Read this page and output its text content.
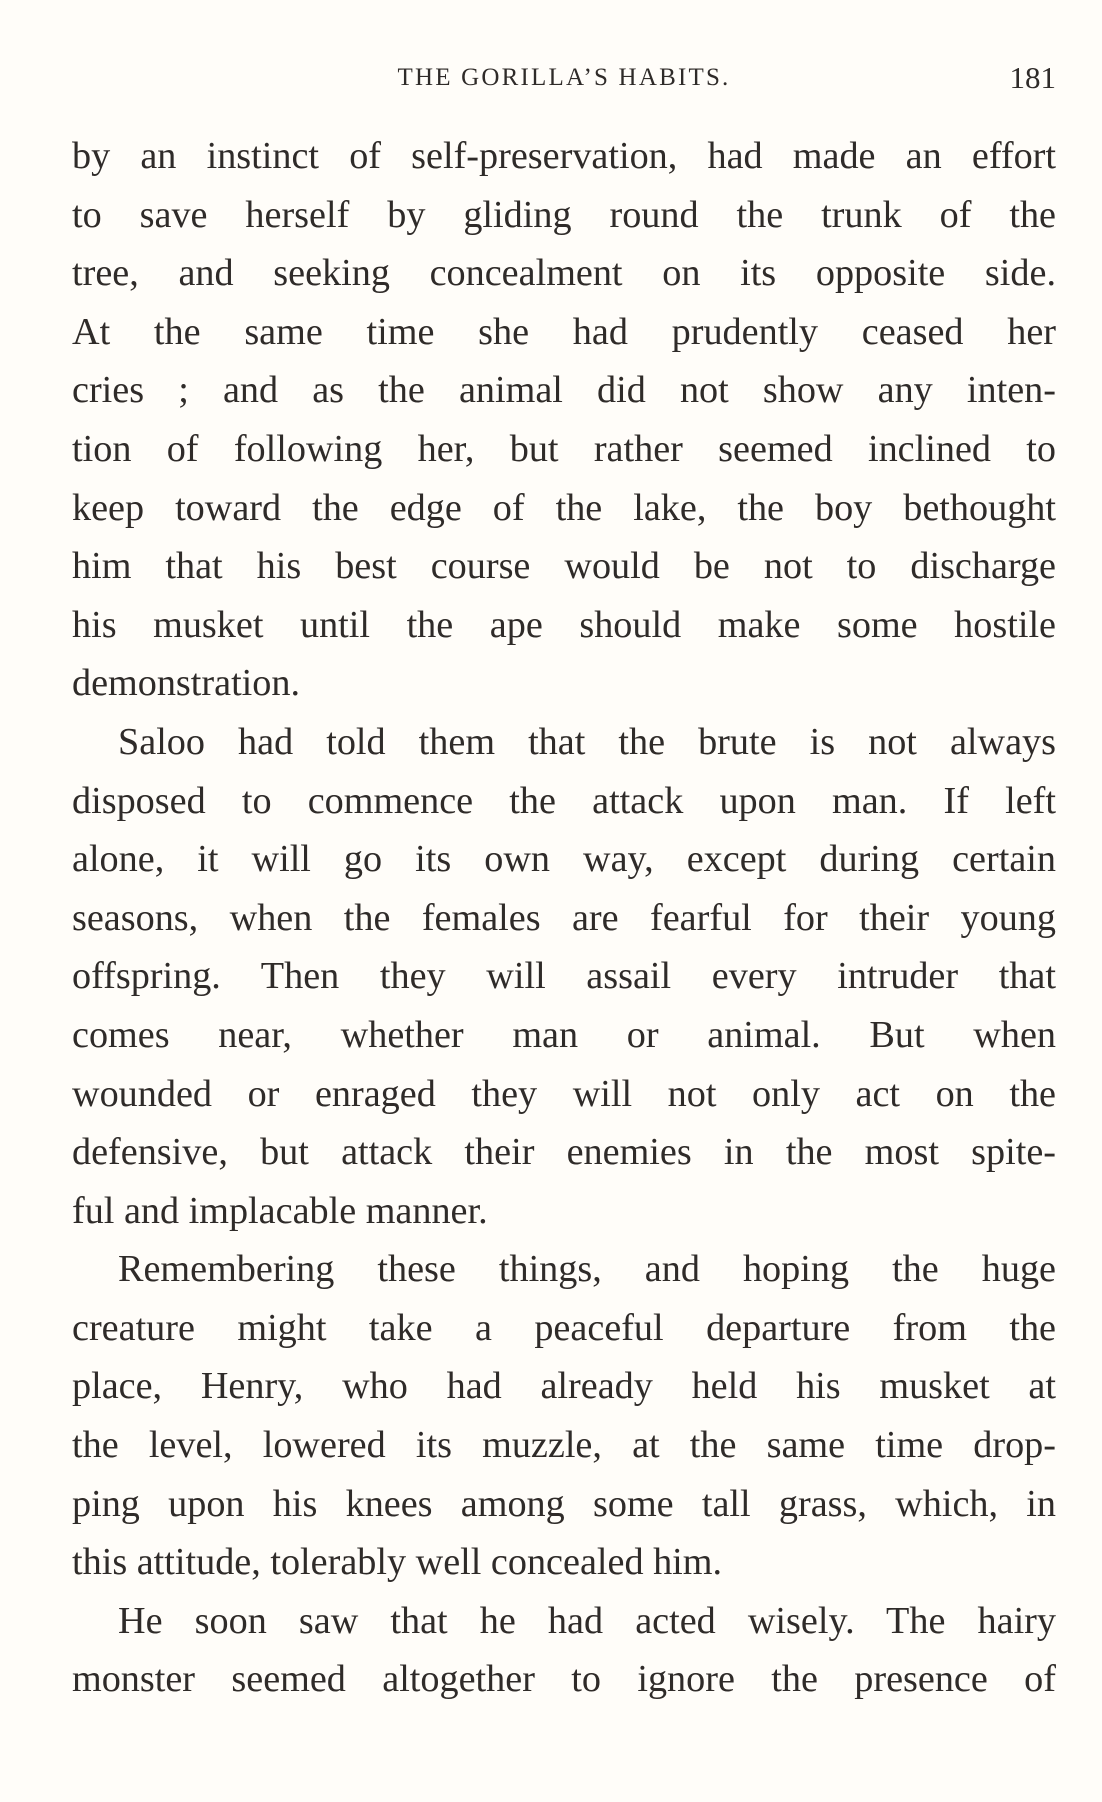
THE GORILLA’S HABITS.	181
by an instinct of self-preservation, had made an effort
to save herself by gliding round the trunk of the
tree, and seeking concealment on its opposite side.
At the same time she had prudently ceased her
cries ; and as the animal did not show any inten-
tion of following her, but rather seemed inclined to
keep toward the edge of the lake, the boy bethought
him that his best course would be not to discharge
his musket until the ape should make some hostile
demonstration.
Saloo had told them that the brute is not always
disposed to commence the attack upon man. If left
alone, it will go its own way, except during certain
seasons, when the females are fearful for their young
offspring. Then they will assail every intruder that
comes near, whether man or animal. But when
wounded or enraged they will not only act on the
defensive, but attack their enemies in the most spite-
ful and implacable manner.
Remembering these things, and hoping the huge
creature might take a peaceful departure from the
place, Henry, who had already held his musket at
the level, lowered its muzzle, at the same time drop-
ping upon his knees among some tall grass, which, in
this attitude, tolerably well concealed him.
He soon saw that he had acted wisely. The hairy
monster seemed altogether to ignore the presence of
